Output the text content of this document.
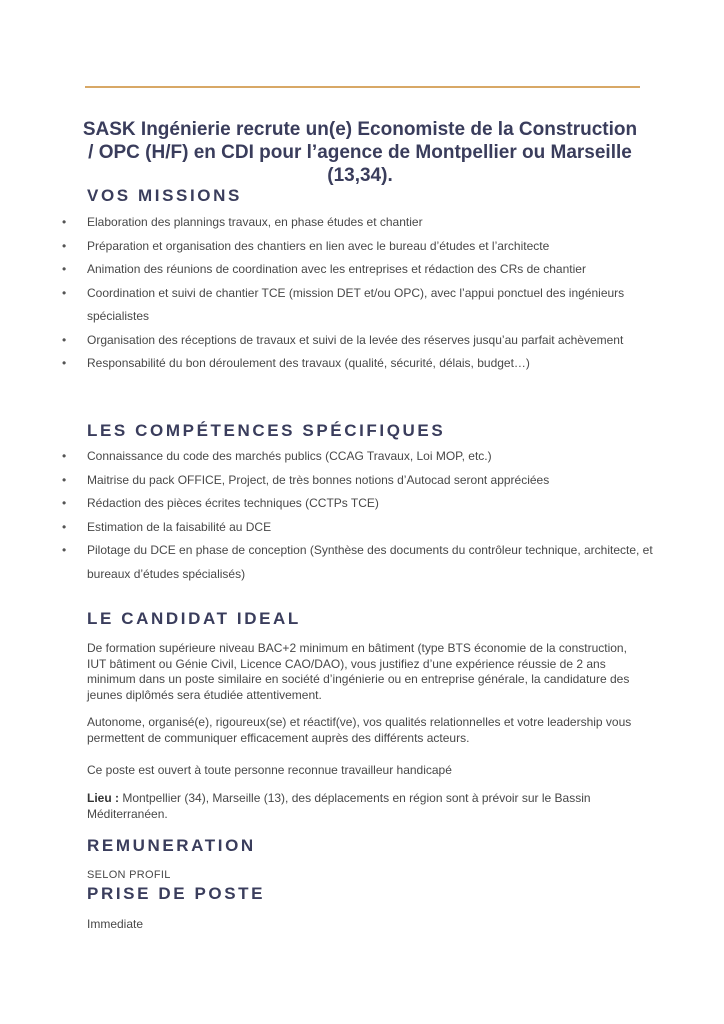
SASK Ingénierie recrute un(e) Economiste de la Construction / OPC (H/F) en CDI pour l’agence de Montpellier ou Marseille (13,34).
VOS MISSIONS
• Elaboration des plannings travaux, en phase études et chantier
• Préparation et organisation des chantiers en lien avec le bureau d’études et l’architecte
• Animation des réunions de coordination avec les entreprises et rédaction des CRs de chantier
• Coordination et suivi de chantier TCE (mission DET et/ou OPC), avec l’appui ponctuel des ingénieurs spécialistes
• Organisation des réceptions de travaux et suivi de la levée des réserves jusqu’au parfait achèvement
• Responsabilité du bon déroulement des travaux (qualité, sécurité, délais, budget…)
LES COMPÉTENCES SPÉCIFIQUES
• Connaissance du code des marchés publics (CCAG Travaux, Loi MOP, etc.)
• Maitrise du pack OFFICE, Project, de très bonnes notions d’Autocad seront appréciées
• Rédaction des pièces écrites techniques (CCTPs TCE)
• Estimation de la faisabilité au DCE
• Pilotage du DCE en phase de conception (Synthèse des documents du contrôleur technique, architecte, et bureaux d’études spécialisés)
LE CANDIDAT IDEAL

De formation supérieure niveau BAC+2 minimum en bâtiment (type BTS économie de la construction, IUT bâtiment ou Génie Civil, Licence CAO/DAO), vous justifiez d’une expérience réussie de 2 ans minimum dans un poste similaire en société d’ingénierie ou en entreprise générale, la candidature des jeunes diplômés sera étudiée attentivement.

Autonome, organisé(e), rigoureux(se) et réactif(ve), vos qualités relationnelles et votre leadership vous permettent de communiquer efficacement auprès des différents acteurs.

Ce poste est ouvert à toute personne reconnue travailleur handicapé

Lieu : Montpellier (34), Marseille (13), des déplacements en région sont à prévoir sur le Bassin Méditerranéen.

REMUNERATION

SELON PROFIL

PRISE DE POSTE

Immediate
